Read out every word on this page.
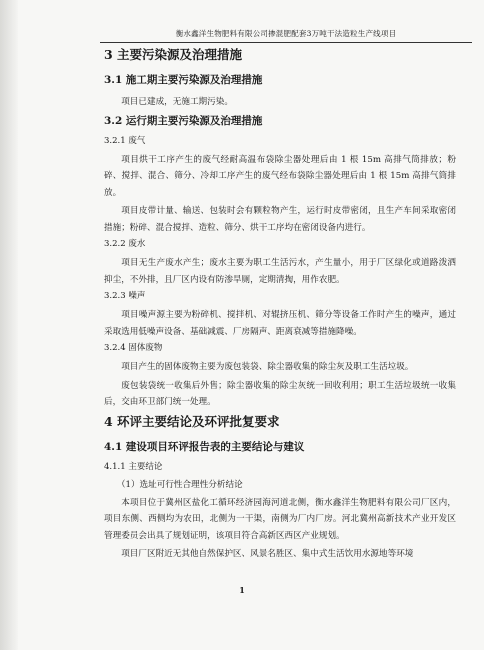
衡水鑫洋生物肥料有限公司掺混肥配套3万吨干法造粒生产线项目
3 主要污染源及治理措施
3.1 施工期主要污染源及治理措施
项目已建成，无施工期污染。
3.2 运行期主要污染源及治理措施
3.2.1 废气
项目烘干工序产生的废气经耐高温布袋除尘器处理后由 1 根 15m 高排气筒排放；粉碎、搅拌、混合、筛分、冷却工序产生的废气经布袋除尘器处理后由 1 根 15m 高排气筒排放。
项目皮带计量、输送、包装时会有颗粒物产生，运行时皮带密闭，且生产车间采取密闭措施；粉碎、混合搅拌、造粒、筛分、烘干工序均在密闭设备内进行。
3.2.2 废水
项目无生产废水产生；废水主要为职工生活污水，产生量小，用于厂区绿化或道路泼洒抑尘，不外排，且厂区内设有防渗旱厕，定期清掏，用作农肥。
3.2.3 噪声
项目噪声源主要为粉碎机、搅拌机、对辊挤压机、筛分等设备工作时产生的噪声，通过采取选用低噪声设备、基础减震、厂房隔声、距离衰减等措施降噪。
3.2.4 固体废物
项目产生的固体废物主要为废包装袋、除尘器收集的除尘灰及职工生活垃圾。
废包装袋统一收集后外售；除尘器收集的除尘灰统一回收利用；职工生活垃圾统一收集后，交由环卫部门统一处理。
4 环评主要结论及环评批复要求
4.1 建设项目环评报告表的主要结论与建议
4.1.1 主要结论
（1）选址可行性合理性分析结论
本项目位于冀州区盐化工循环经济园海河道北侧，衡水鑫洋生物肥料有限公司厂区内，项目东侧、西侧均为农田，北侧为一干渠，南侧为厂内厂房。河北冀州高新技术产业开发区管理委员会出具了规划证明，该项目符合高新区西区产业规划。
项目厂区附近无其他自然保护区、风景名胜区、集中式生活饮用水源地等环境
1
